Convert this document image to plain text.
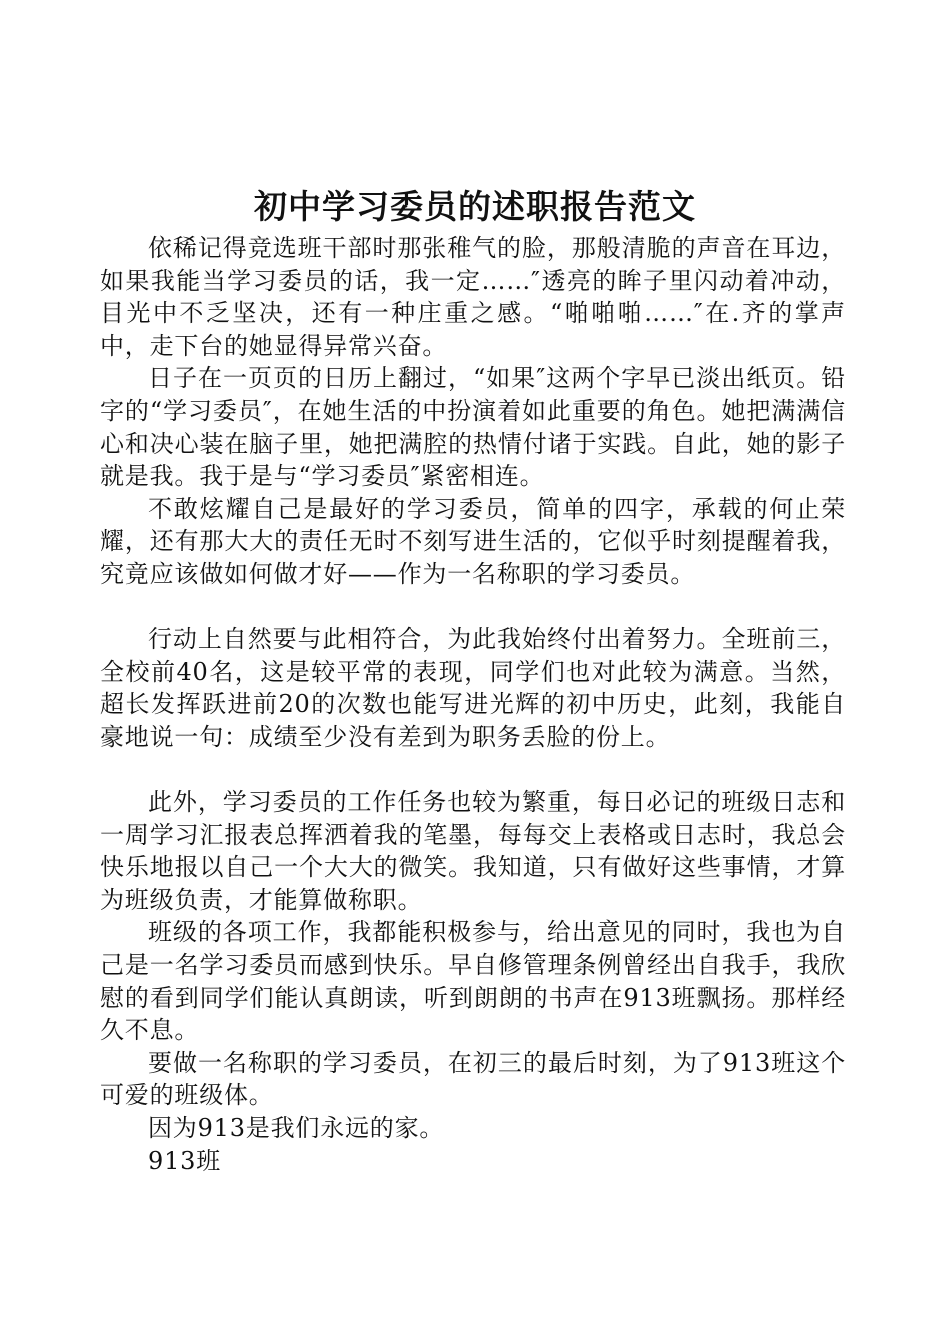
初中学习委员的述职报告范文

依稀记得竞选班干部时那张稚气的脸，那般清脆的声音在耳边，如果我能当学习委员的话，我一定……″透亮的眸子里闪动着冲动，目光中不乏坚决，还有一种庄重之感。“啪啪啪……″在.齐的掌声中，走下台的她显得异常兴奋。

日子在一页页的日历上翻过，“如果″这两个字早已淡出纸页。铅字的“学习委员″，在她生活的中扮演着如此重要的角色。她把满满信心和决心装在脑子里，她把满腔的热情付诸于实践。自此，她的影子就是我。我于是与“学习委员″紧密相连。

不敢炫耀自己是最好的学习委员，简单的四字，承载的何止荣耀，还有那大大的责任无时不刻写进生活的，它似乎时刻提醒着我，究竟应该做如何做才好——作为一名称职的学习委员。

行动上自然要与此相符合，为此我始终付出着努力。全班前三，全校前40名，这是较平常的表现，同学们也对此较为满意。当然，超长发挥跃进前20的次数也能写进光辉的初中历史，此刻，我能自豪地说一句：成绩至少没有差到为职务丢脸的份上。

此外，学习委员的工作任务也较为繁重，每日必记的班级日志和一周学习汇报表总挥洒着我的笔墨，每每交上表格或日志时，我总会快乐地报以自己一个大大的微笑。我知道，只有做好这些事情，才算为班级负责，才能算做称职。

班级的各项工作，我都能积极参与，给出意见的同时，我也为自己是一名学习委员而感到快乐。早自修管理条例曾经出自我手，我欣慰的看到同学们能认真朗读，听到朗朗的书声在913班飘扬。那样经久不息。

要做一名称职的学习委员，在初三的最后时刻，为了913班这个可爱的班级体。

因为913是我们永远的家。

913班
